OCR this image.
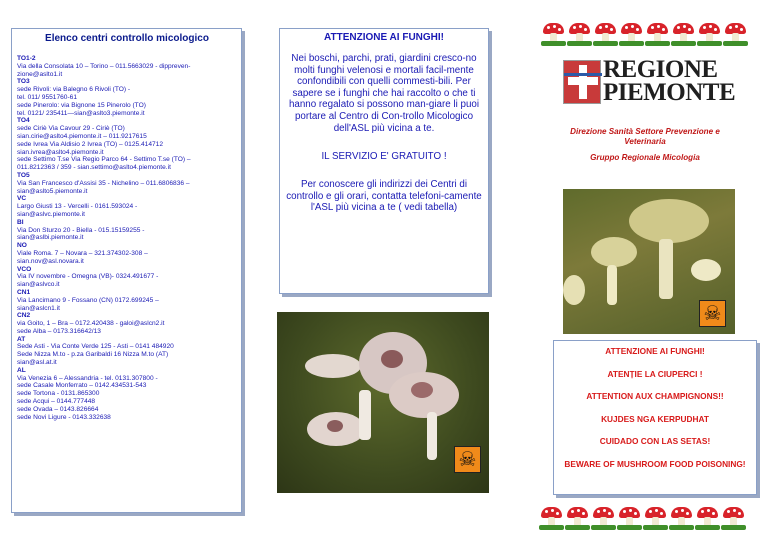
Elenco centri controllo micologico
TO1-2
Via della Consolata 10 – Torino – 011.5663029 - dippreven-
zione@aslto1.it
TO3
sede Rivoli: via Balegno 6 Rivoli (TO) -
tel. 011/ 9551760-61
sede Pinerolo: via Bignone 15 Pinerolo (TO)
tel. 0121/ 235411—sian@aslto3.piemonte.it
TO4
sede Ciriè Via Cavour 29 - Ciriè (TO)
sian.cirie@aslto4.piemonte.it – 011.9217615
sede Ivrea Via Aldisio 2 Ivrea (TO) – 0125.414712
sian.ivrea@aslto4.piemonte.it
sede Settimo T.se Via Regio Parco 64 - Settimo T.se (TO) –
011.8212363 / 359 - sian.settimo@aslto4.piemonte.it
TO5
Via San Francesco d'Assisi 35 - Nichelino – 011.6806836 –
sian@aslto5.piemonte.it
VC
Largo Giusti 13 - Vercelli - 0161.593024 -
sian@aslvc.piemonte.it
BI
Via Don Sturzo 20 - Biella - 015.15159255 -
sian@aslbi.piemonte.it
NO
Viale Roma. 7 – Novara – 321.374302-308 –
sian.nov@asl.novara.it
VCO
Via IV novembre - Omegna (VB)- 0324.491677 -
sian@aslvco.it
CN1
Via Lancimano 9 - Fossano (CN) 0172.699245 –
sian@aslcn1.it
CN2
via Goito, 1 – Bra – 0172.420438 - galoi@aslcn2.it
sede Alba – 0173.316642/13
AT
Sede Asti - Via Conte Verde 125 - Asti – 0141 484920
Sede Nizza M.to - p.za Garibaldi 16 Nizza M.to (AT)
sian@asl.at.it
AL
Via Venezia 6 – Alessandria - tel. 0131.307800 -
sede Casale Monferrato – 0142.434531-543
sede Tortona - 0131.865300
sede Acqui – 0144.777448
sede Ovada – 0143.826664
sede Novi Ligure - 0143.332638
ATTENZIONE AI FUNGHI!
Nei boschi, parchi, prati, giardini cresco-no molti funghi velenosi e mortali facil-mente confondibili con quelli commesti-bili. Per sapere se i funghi che hai raccolto o che ti hanno regalato si possono man-giare li puoi portare al Centro di Con-trollo Micologico dell'ASL più vicina a te.
IL SERVIZIO E' GRATUITO !
Per conoscere gli indirizzi dei Centri di controllo e gli orari, contatta telefoni-camente l'ASL più vicina a te ( vedi tabella)
REGIONE
PIEMONTE
Direzione Sanità Settore Prevenzione e Veterinaria
Gruppo Regionale Micologia
☠
☠
ATTENZIONE AI FUNGHI!
ATENȚIE LA CIUPERCI !
ATTENTION AUX CHAMPIGNONS!!
KUJDES NGA KERPUDHAT
CUIDADO CON LAS SETAS!
BEWARE OF MUSHROOM FOOD POISONING!
